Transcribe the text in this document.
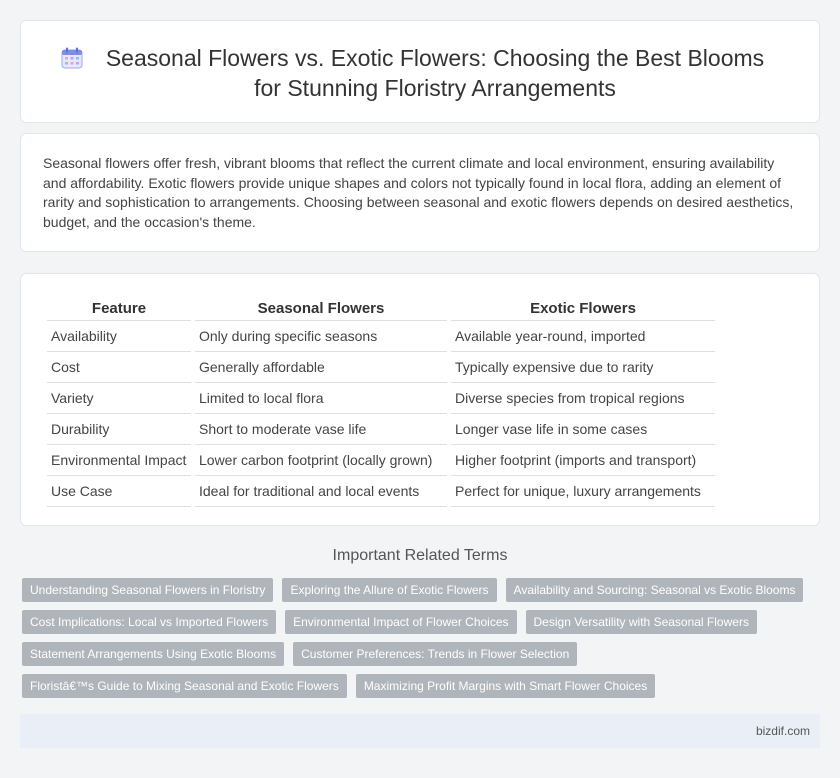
Seasonal Flowers vs. Exotic Flowers: Choosing the Best Blooms for Stunning Floristry Arrangements

Seasonal flowers offer fresh, vibrant blooms that reflect the current climate and local environment, ensuring availability and affordability. Exotic flowers provide unique shapes and colors not typically found in local flora, adding an element of rarity and sophistication to arrangements. Choosing between seasonal and exotic flowers depends on desired aesthetics, budget, and the occasion's theme.

Feature	Seasonal Flowers	Exotic Flowers
Availability	Only during specific seasons	Available year-round, imported
Cost	Generally affordable	Typically expensive due to rarity
Variety	Limited to local flora	Diverse species from tropical regions
Durability	Short to moderate vase life	Longer vase life in some cases
Environmental Impact	Lower carbon footprint (locally grown)	Higher footprint (imports and transport)
Use Case	Ideal for traditional and local events	Perfect for unique, luxury arrangements
Important Related Terms
Understanding Seasonal Flowers in Floristry	Exploring the Allure of Exotic Flowers	Availability and Sourcing: Seasonal vs Exotic Blooms
Cost Implications: Local vs Imported Flowers	Environmental Impact of Flower Choices	Design Versatility with Seasonal Flowers
Statement Arrangements Using Exotic Blooms	Customer Preferences: Trends in Flower Selection
Floristâ€™s Guide to Mixing Seasonal and Exotic Flowers	Maximizing Profit Margins with Smart Flower Choices
bizdif.com
